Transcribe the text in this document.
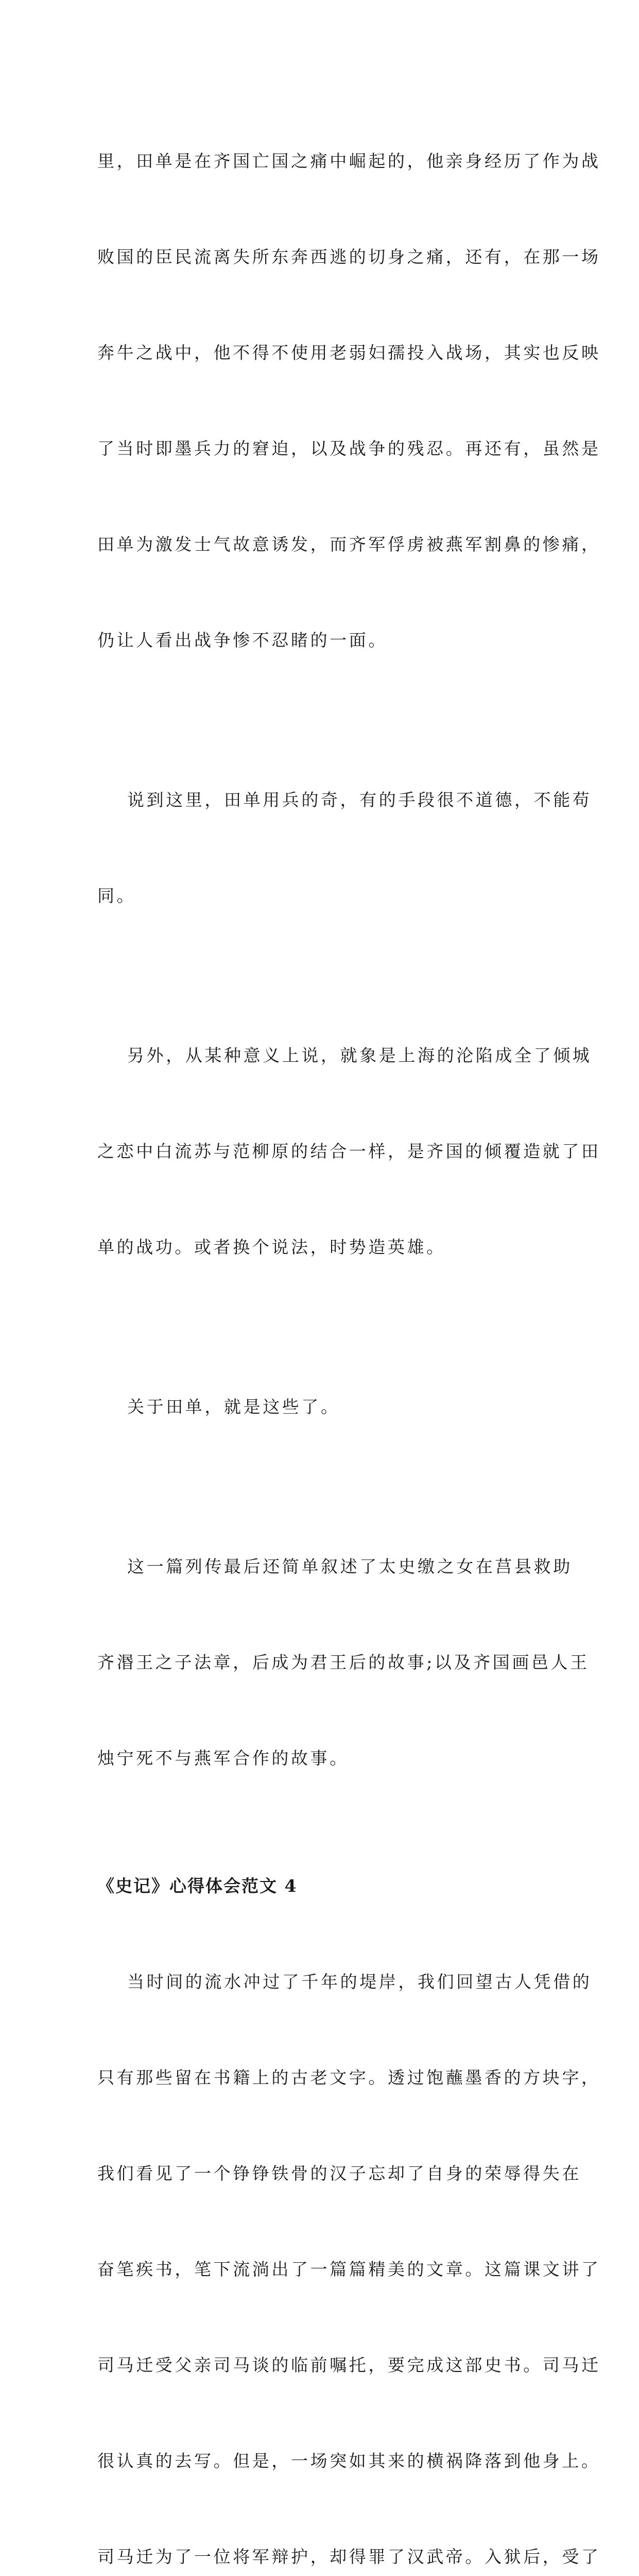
里，田单是在齐国亡国之痛中崛起的，他亲身经历了作为战

败国的臣民流离失所东奔西逃的切身之痛，还有，在那一场

奔牛之战中，他不得不使用老弱妇孺投入战场，其实也反映

了当时即墨兵力的窘迫，以及战争的残忍。再还有，虽然是

田单为激发士气故意诱发，而齐军俘虏被燕军割鼻的惨痛，

仍让人看出战争惨不忍睹的一面。

说到这里，田单用兵的奇，有的手段很不道德，不能苟

同。

另外，从某种意义上说，就象是上海的沦陷成全了倾城

之恋中白流苏与范柳原的结合一样，是齐国的倾覆造就了田

单的战功。或者换个说法，时势造英雄。

关于田单，就是这些了。

这一篇列传最后还简单叙述了太史缴之女在莒县救助

齐湣王之子法章，后成为君王后的故事;以及齐国画邑人王

烛宁死不与燕军合作的故事。

《史记》心得体会范文 4

当时间的流水冲过了千年的堤岸，我们回望古人凭借的

只有那些留在书籍上的古老文字。透过饱蘸墨香的方块字，

我们看见了一个铮铮铁骨的汉子忘却了自身的荣辱得失在

奋笔疾书，笔下流淌出了一篇篇精美的文章。这篇课文讲了

司马迁受父亲司马谈的临前嘱托，要完成这部史书。司马迁

很认真的去写。但是，一场突如其来的横祸降落到他身上。

司马迁为了一位将军辩护，却得罪了汉武帝。入狱后，受了
